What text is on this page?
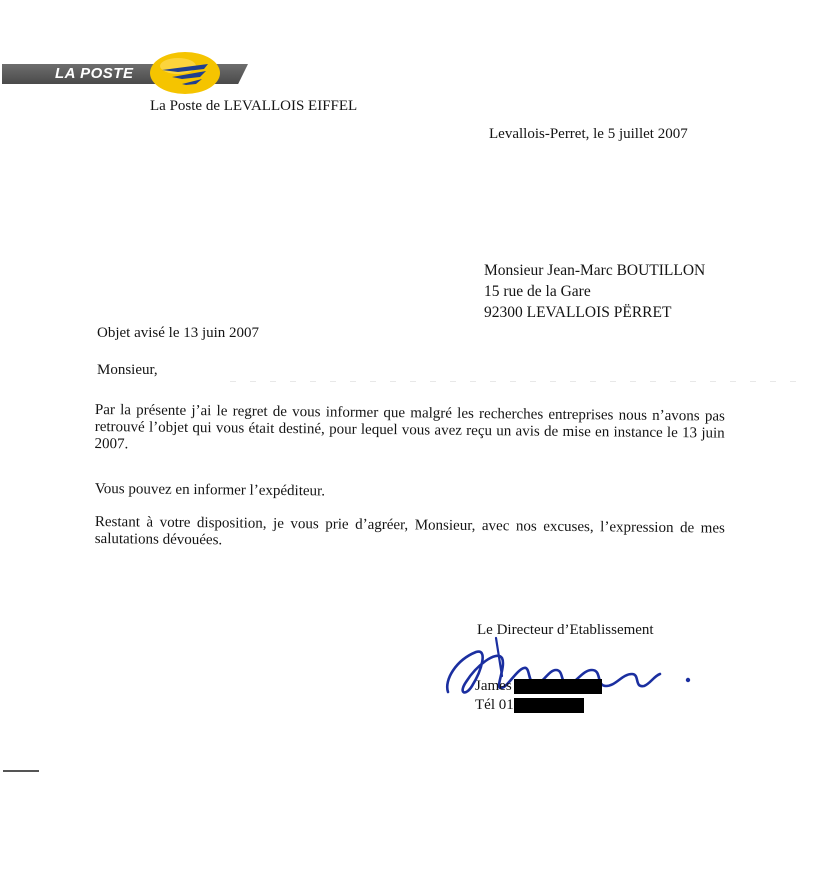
LA POSTE
La Poste de LEVALLOIS EIFFEL
Levallois-Perret, le 5 juillet 2007
Monsieur Jean-Marc BOUTILLON
15 rue de la Gare
92300 LEVALLOIS PËRRET
Objet avisé le 13 juin 2007
Monsieur,
Par la présente j’ai le regret de vous informer que malgré les recherches entreprises nous n’avons pas retrouvé l’objet qui vous était destiné, pour lequel vous avez reçu un avis de mise en instance le 13 juin 2007.
Vous pouvez en informer l’expéditeur.
Restant à votre disposition, je vous prie d’agréer, Monsieur, avec nos excuses, l’expression de mes salutations dévouées.
Le Directeur d’Etablissement
James
Tél 01
